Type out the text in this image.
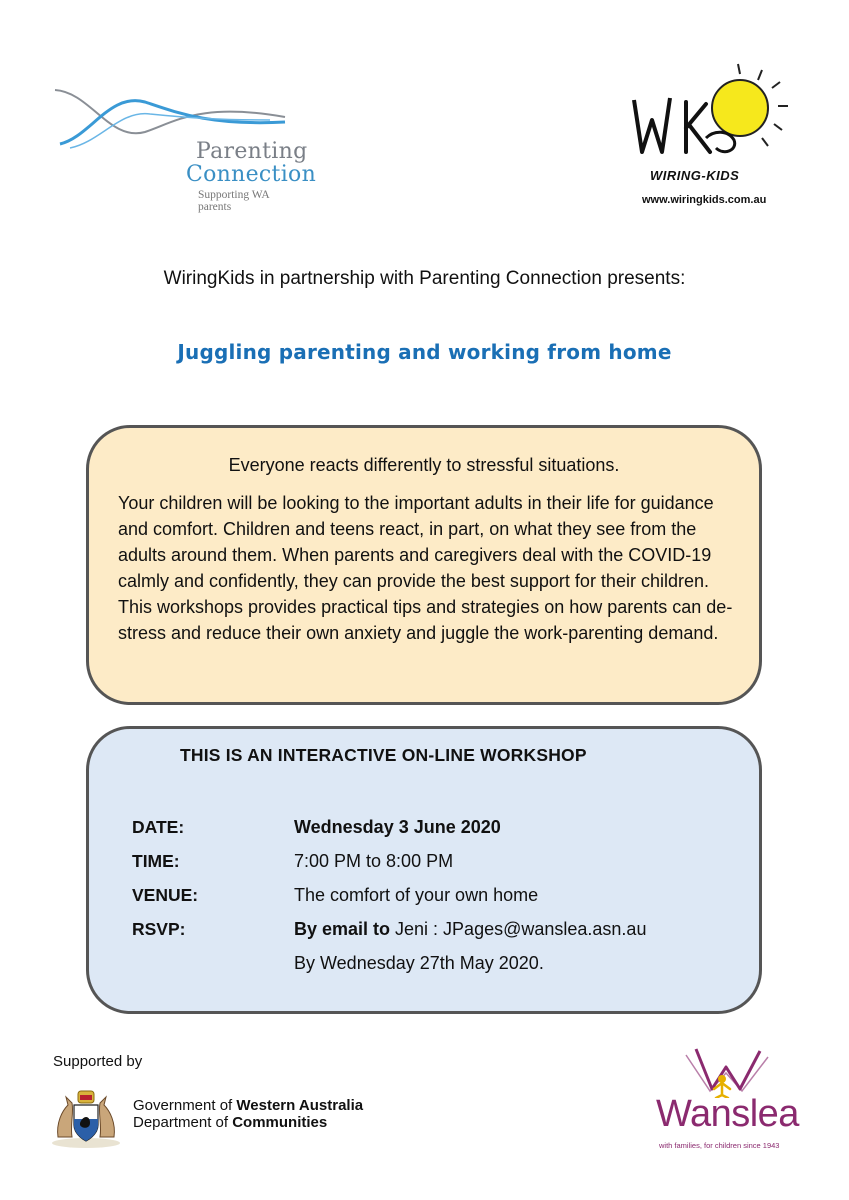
Parenting
Connection
Supporting WA parents
WIRING-KIDS
www.wiringkids.com.au
WiringKids in partnership with Parenting Connection presents:
Juggling parenting and working from home
Everyone reacts differently to stressful situations.

Your children will be looking to the important adults in their life for guidance and comfort. Children and teens react, in part, on what they see from the adults around them. When parents and caregivers deal with the COVID-19 calmly and confidently, they can provide the best support for their children. This workshops provides practical tips and strategies on how parents can de-stress and reduce their own anxiety and juggle the work-parenting demand.

THIS IS AN INTERACTIVE ON-LINE WORKSHOP
DATE:	Wednesday 3 June 2020
TIME:	7:00 PM to 8:00 PM
VENUE:	The comfort of your own home
RSVP:	By email to Jeni : JPages@wanslea.asn.au
By Wednesday 27th May 2020.
Supported by
Government of Western Australia
Department of Communities	Wanslea
with families, for children since 1943
